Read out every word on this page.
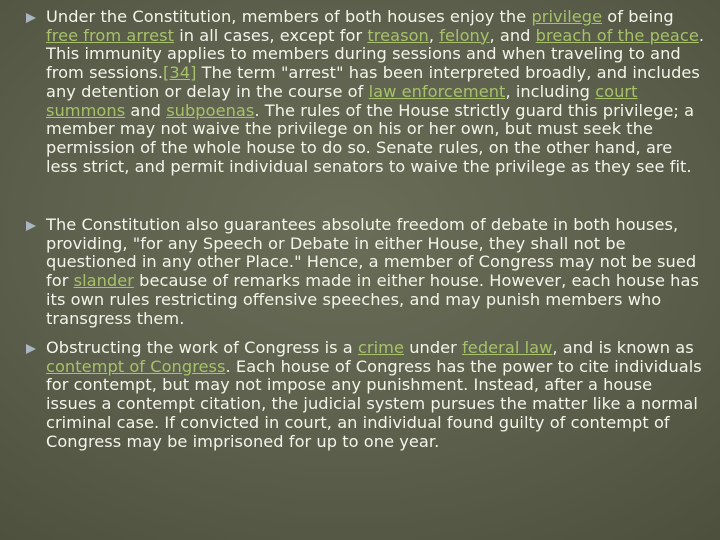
Under the Constitution, members of both houses enjoy the privilege of being free from arrest in all cases, except for treason, felony, and breach of the peace. This immunity applies to members during sessions and when traveling to and from sessions.[34] The term "arrest" has been interpreted broadly, and includes any detention or delay in the course of law enforcement, including court summons and subpoenas. The rules of the House strictly guard this privilege; a member may not waive the privilege on his or her own, but must seek the permission of the whole house to do so. Senate rules, on the other hand, are less strict, and permit individual senators to waive the privilege as they see fit.
The Constitution also guarantees absolute freedom of debate in both houses, providing, "for any Speech or Debate in either House, they shall not be questioned in any other Place." Hence, a member of Congress may not be sued for slander because of remarks made in either house. However, each house has its own rules restricting offensive speeches, and may punish members who transgress them.
Obstructing the work of Congress is a crime under federal law, and is known as contempt of Congress. Each house of Congress has the power to cite individuals for contempt, but may not impose any punishment. Instead, after a house issues a contempt citation, the judicial system pursues the matter like a normal criminal case. If convicted in court, an individual found guilty of contempt of Congress may be imprisoned for up to one year.
